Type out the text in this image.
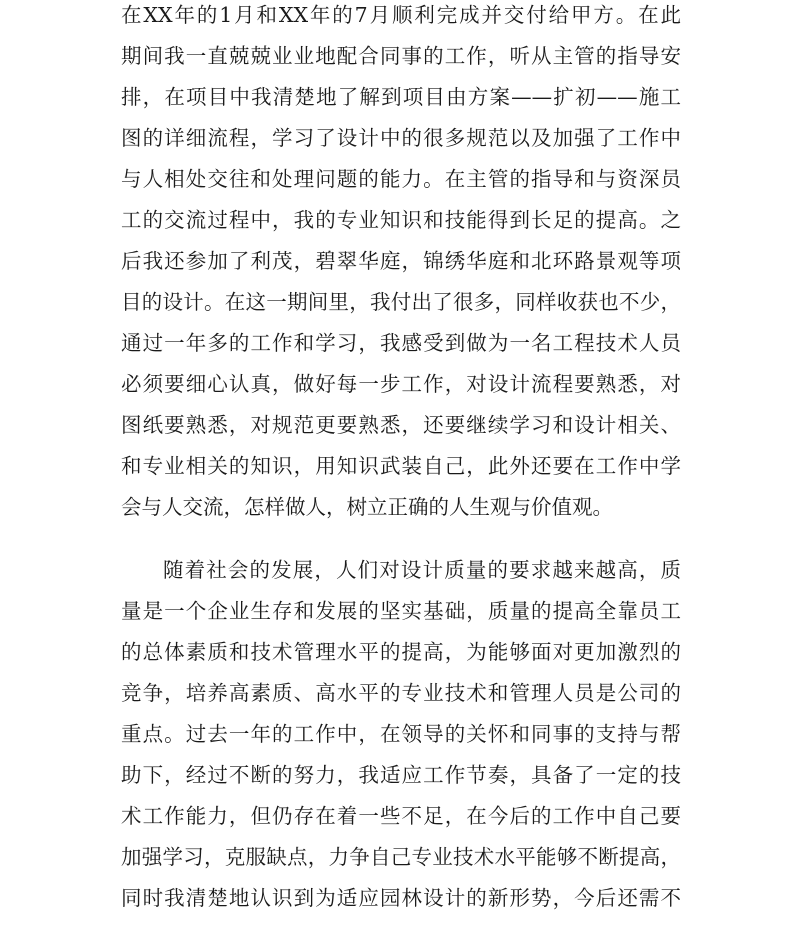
在XX年的1月和XX年的7月顺利完成并交付给甲方。在此

期间我一直兢兢业业地配合同事的工作，听从主管的指导安

排，在项目中我清楚地了解到项目由方案——扩初——施工

图的详细流程，学习了设计中的很多规范以及加强了工作中

与人相处交往和处理问题的能力。在主管的指导和与资深员

工的交流过程中，我的专业知识和技能得到长足的提高。之

后我还参加了利茂，碧翠华庭，锦绣华庭和北环路景观等项

目的设计。在这一期间里，我付出了很多，同样收获也不少，

通过一年多的工作和学习，我感受到做为一名工程技术人员

必须要细心认真，做好每一步工作，对设计流程要熟悉，对

图纸要熟悉，对规范更要熟悉，还要继续学习和设计相关、

和专业相关的知识，用知识武装自己，此外还要在工作中学

会与人交流，怎样做人，树立正确的人生观与价值观。

随着社会的发展，人们对设计质量的要求越来越高，质

量是一个企业生存和发展的坚实基础，质量的提高全靠员工

的总体素质和技术管理水平的提高，为能够面对更加激烈的

竞争，培养高素质、高水平的专业技术和管理人员是公司的

重点。过去一年的工作中，在领导的关怀和同事的支持与帮

助下，经过不断的努力，我适应工作节奏，具备了一定的技

术工作能力，但仍存在着一些不足，在今后的工作中自己要

加强学习，克服缺点，力争自己专业技术水平能够不断提高，

同时我清楚地认识到为适应园林设计的新形势，今后还需不
